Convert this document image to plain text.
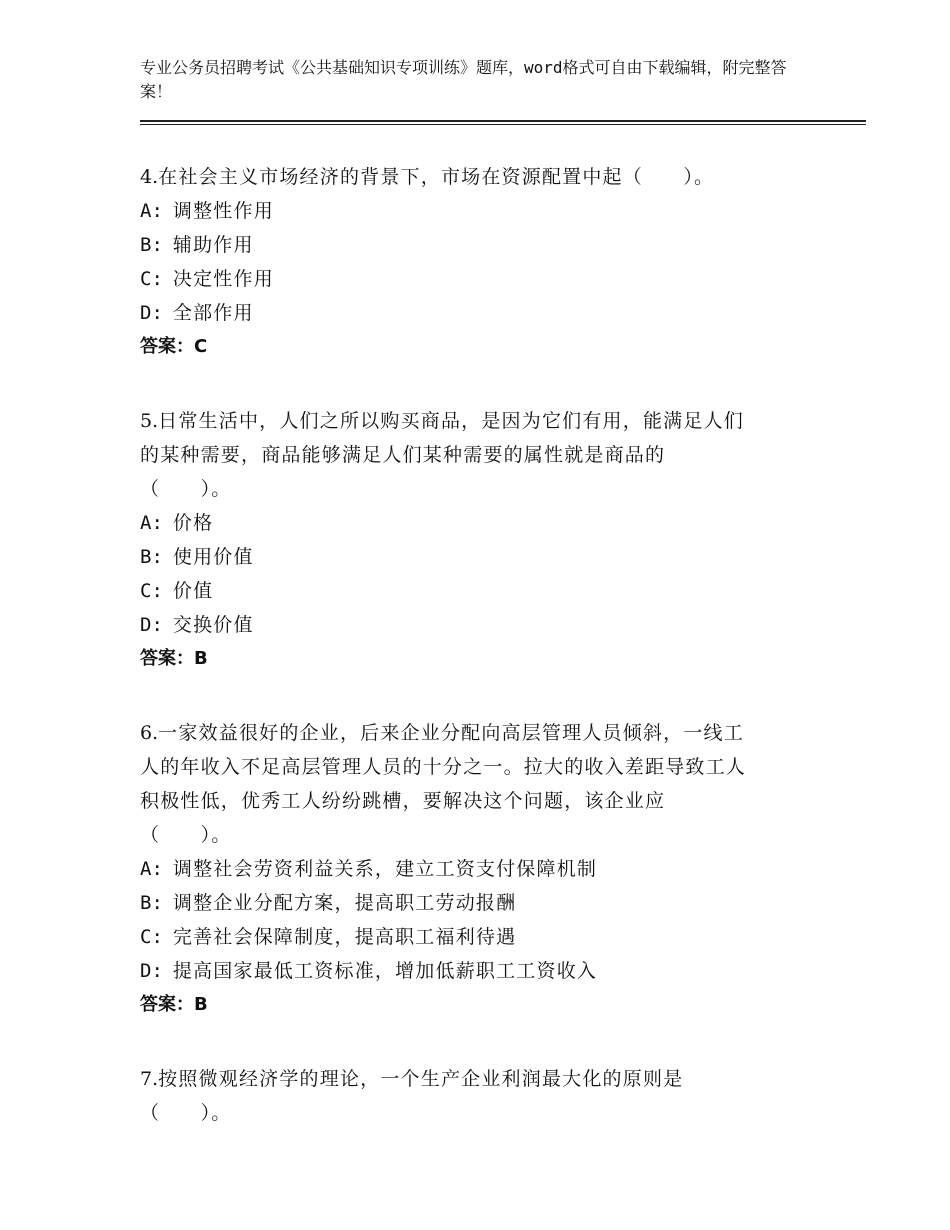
专业公务员招聘考试《公共基础知识专项训练》题库，word格式可自由下载编辑，附完整答案！
4.在社会主义市场经济的背景下，市场在资源配置中起（　　）。
A: 调整性作用
B: 辅助作用
C: 决定性作用
D: 全部作用
答案：C
5.日常生活中，人们之所以购买商品，是因为它们有用，能满足人们
的某种需要，商品能够满足人们某种需要的属性就是商品的
（　　）。
A: 价格
B: 使用价值
C: 价值
D: 交换价值
答案：B
6.一家效益很好的企业，后来企业分配向高层管理人员倾斜，一线工
人的年收入不足高层管理人员的十分之一。拉大的收入差距导致工人
积极性低，优秀工人纷纷跳槽，要解决这个问题，该企业应
（　　）。
A: 调整社会劳资利益关系，建立工资支付保障机制
B: 调整企业分配方案，提高职工劳动报酬
C: 完善社会保障制度，提高职工福利待遇
D: 提高国家最低工资标准，增加低薪职工工资收入
答案：B
7.按照微观经济学的理论，一个生产企业利润最大化的原则是
（　　）。
